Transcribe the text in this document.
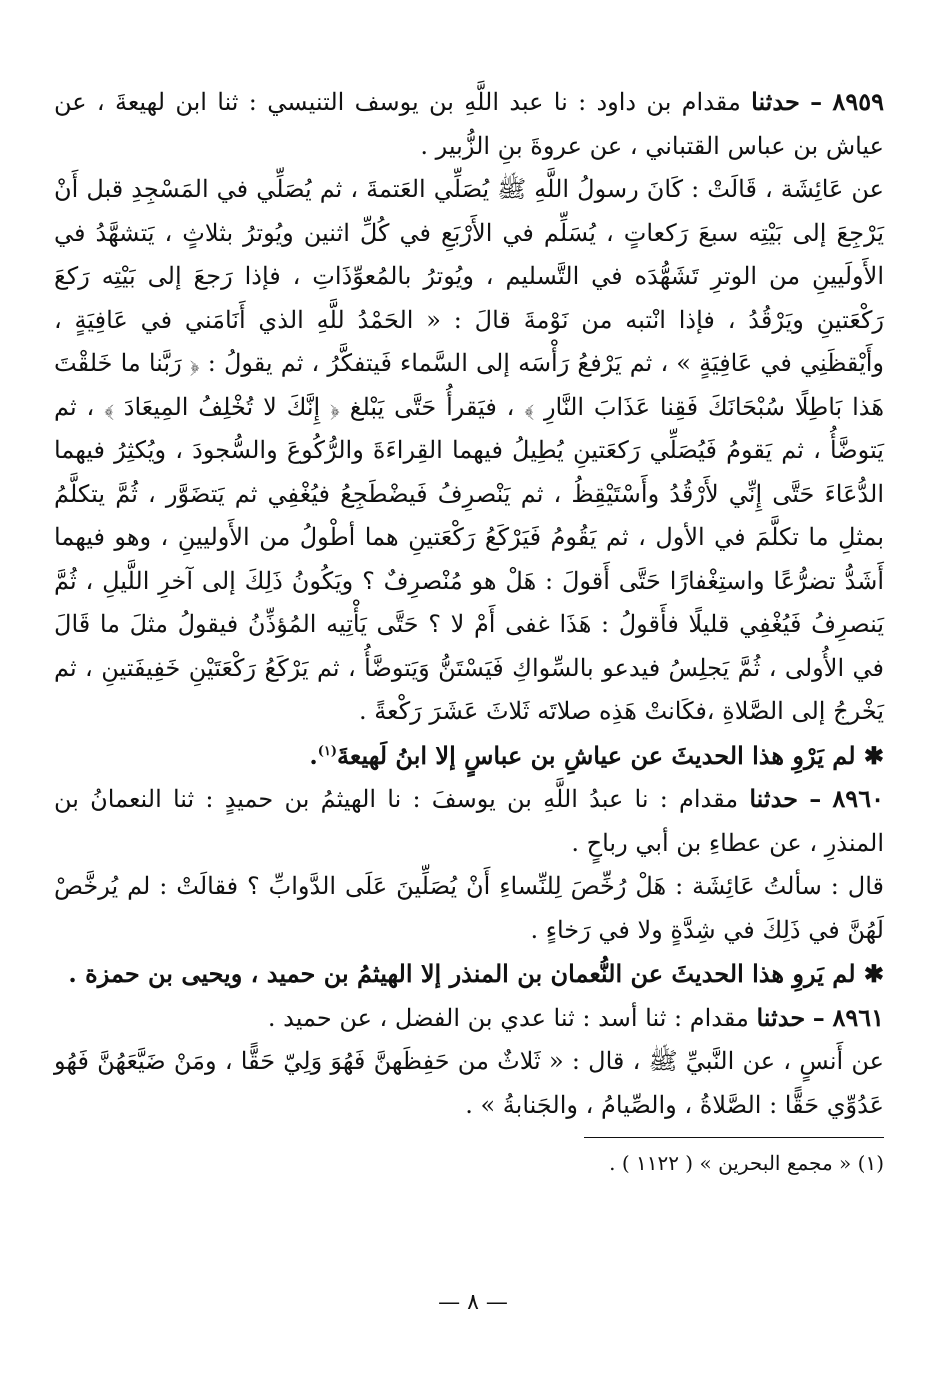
٨٩٥٩ – حدثنا مقدام بن داود : نا عبد اللَّهِ بن يوسف التنيسي : ثنا ابن لهيعةَ ، عن عياش بن عباس القتباني ، عن عروةَ بنِ الزُّبير .

عن عَائِشَة ، قَالَتْ : كَانَ رسولُ اللَّهِ ﷺ يُصَلِّي العَتمةَ ، ثم يُصَلِّي في المَسْجِدِ قبل أَنْ يَرْجِعَ إلى بَيْتِه سبعَ رَكعاتٍ ، يُسَلِّم في الأَرْبَعِ في كُلِّ اثنين ويُوترُ بثلاثٍ ، يَتشهَّدُ في الأَولَيينِ من الوترِ تَشَهُّدَه في التَّسليم ، ويُوترُ بالمُعوِّذَاتِ ، فإذا رَجعَ إلى بَيْتِه رَكعَ رَكْعَتينِ ويَرْقُدُ ، فإذا انْتبه من نَوْمةَ قالَ : « الحَمْدُ للَّهِ الذي أَنَامَني في عَافِيَةٍ ، وأَيْقظَنِي في عَافِيَةٍ » ، ثم يَرْفعُ رَأْسَه إلى السَّماء فَيتفكَّرُ ، ثم يقولُ : ﴿ رَبَّنا ما خَلقْتَ هَذا بَاطِلًا سُبْحَانَكَ فَقِنا عَذَابَ النَّارِ ﴾ ، فيَقرأُ حَتَّى يَبْلغ ﴿ إِنَّكَ لا تُخْلِفُ المِيعَادَ ﴾ ، ثم يَتوضَّأُ ، ثم يَقومُ فَيُصَلِّي رَكعَتينِ يُطِيلُ فيهما القِراءَةَ والرُّكُوعَ والسُّجودَ ، ويُكثِرُ فيهما الدُّعَاءَ حَتَّى إِنِّي لأَرْقُدُ وأَسْتَيْقِظُ ، ثم يَنْصرِفُ فَيضْطَجِعُ فيُغْفِي ثم يَتضَوَّر ، ثُمَّ يتكلَّمُ بمثلِ ما تكلَّمَ في الأول ، ثم يَقُومُ فَيَرْكَعُ رَكْعَتينِ هما أطْولُ من الأَوليينِ ، وهو فيهما أَشَدُّ تضرُّعًا واستِغْفارًا حَتَّى أَقولَ : هَلْ هو مُنْصرِفٌ ؟ ويَكُونُ ذَلِكَ إلى آخرِ اللَّيلِ ، ثُمَّ يَنصرِفُ فَيُغْفِي قليلًا فأَقولُ : هَذَا غفى أَمْ لا ؟ حَتَّى يَأْتِيه المُؤذِّنُ فيقولُ مثلَ ما قَالَ في الأُولى ، ثُمَّ يَجلِسُ فيدعو بالسِّواكِ فَيَسْتَنُّ وَيَتوضَّأُ ، ثم يَرْكَعُ رَكْعَتَيْنِ خَفِيفَتينِ ، ثم يَخْرجُ إلى الصَّلاةِ ،فكَانتْ هَذِه صلاتَه ثَلاثَ عَشَرَ رَكْعةً .

✱ لم يَرْوِ هذا الحديثَ عن عياشِ بن عباسٍ إلا ابنُ لَهيعةَ$^{(١)}$.

٨٩٦٠ – حدثنا مقدام : نا عبدُ اللَّهِ بن يوسفَ : نا الهيثمُ بن حميدٍ : ثنا النعمانُ بن المنذرِ ، عن عطاءِ بن أبي رباحٍ .

قال : سألتُ عَائِشَة : هَلْ رُخِّصَ لِلنِّساءِ أَنْ يُصَلِّينَ عَلَى الدَّوابِّ ؟ فقالَتْ : لم يُرخَّصْ لَهُنَّ في ذَلِكَ في شِدَّةٍ ولا في رَخاءٍ .

✱ لم يَروِ هذا الحديثَ عن النُّعمان بن المنذر إلا الهيثمُ بن حميد ، ويحيى بن حمزة .

٨٩٦١ – حدثنا مقدام : ثنا أسد : ثنا عدي بن الفضل ، عن حميد .

عن أَنسٍ ، عن النَّبيِّ ﷺ ، قال : « ثَلاثٌ من حَفِظَهنَّ فَهُوَ وَلِيّ حَقًّا ، ومَنْ ضَيَّعَهُنَّ فَهُو عَدُوِّي حَقًّا : الصَّلاةُ ، والصِّيامُ ، والجَنابةُ » .

(١) « مجمع البحرين » ( ١١٢٢ ) .
— ٨ —
